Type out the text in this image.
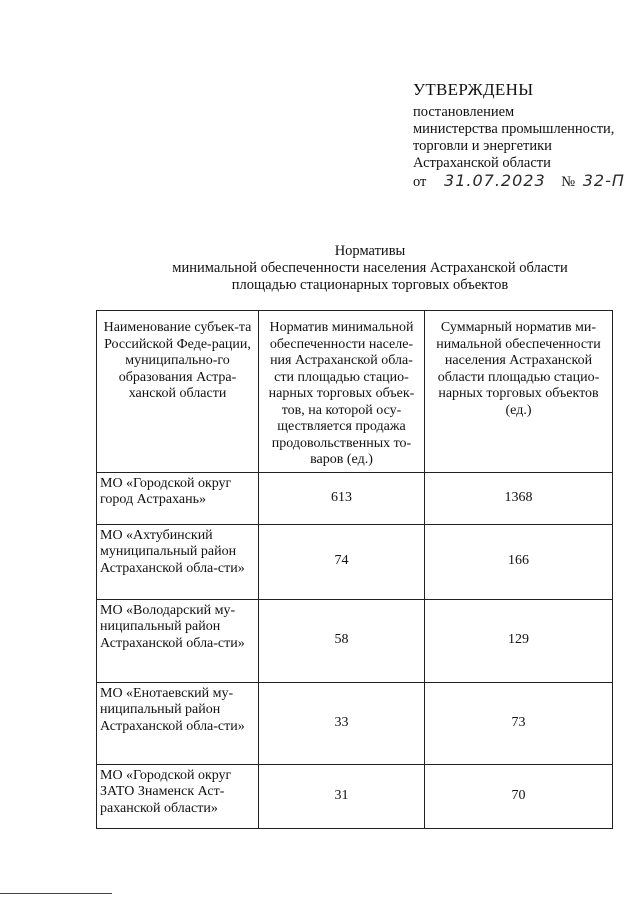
УТВЕРЖДЕНЫ
постановлением
министерства промышленности,
торговли и энергетики
Астраханской области
от 31.07.2023 № 32-П
Нормативы
минимальной обеспеченности населения Астраханской области
площадью стационарных торговых объектов
Наименование субъек-та Российской Феде-рации, муниципально-го образования Астра-ханской области	Норматив минимальной обеспеченности населе-ния Астраханской обла-сти площадью стацио-нарных торговых объек-тов, на которой осу-ществляется продажа продовольственных то-варов (ед.)	Суммарный норматив ми-нимальной обеспеченности населения Астраханской области площадью стацио-нарных торговых объектов (ед.)
МО «Городской округ город Астрахань»	613	1368
МО «Ахтубинский муниципальный район Астраханской обла-сти»	74	166
МО «Володарский му-ниципальный район Астраханской обла-сти»	58	129
МО «Енотаевский му-ниципальный район Астраханской обла-сти»	33	73
МО «Городской округ ЗАТО Знаменск Аст-раханской области»	31	70
